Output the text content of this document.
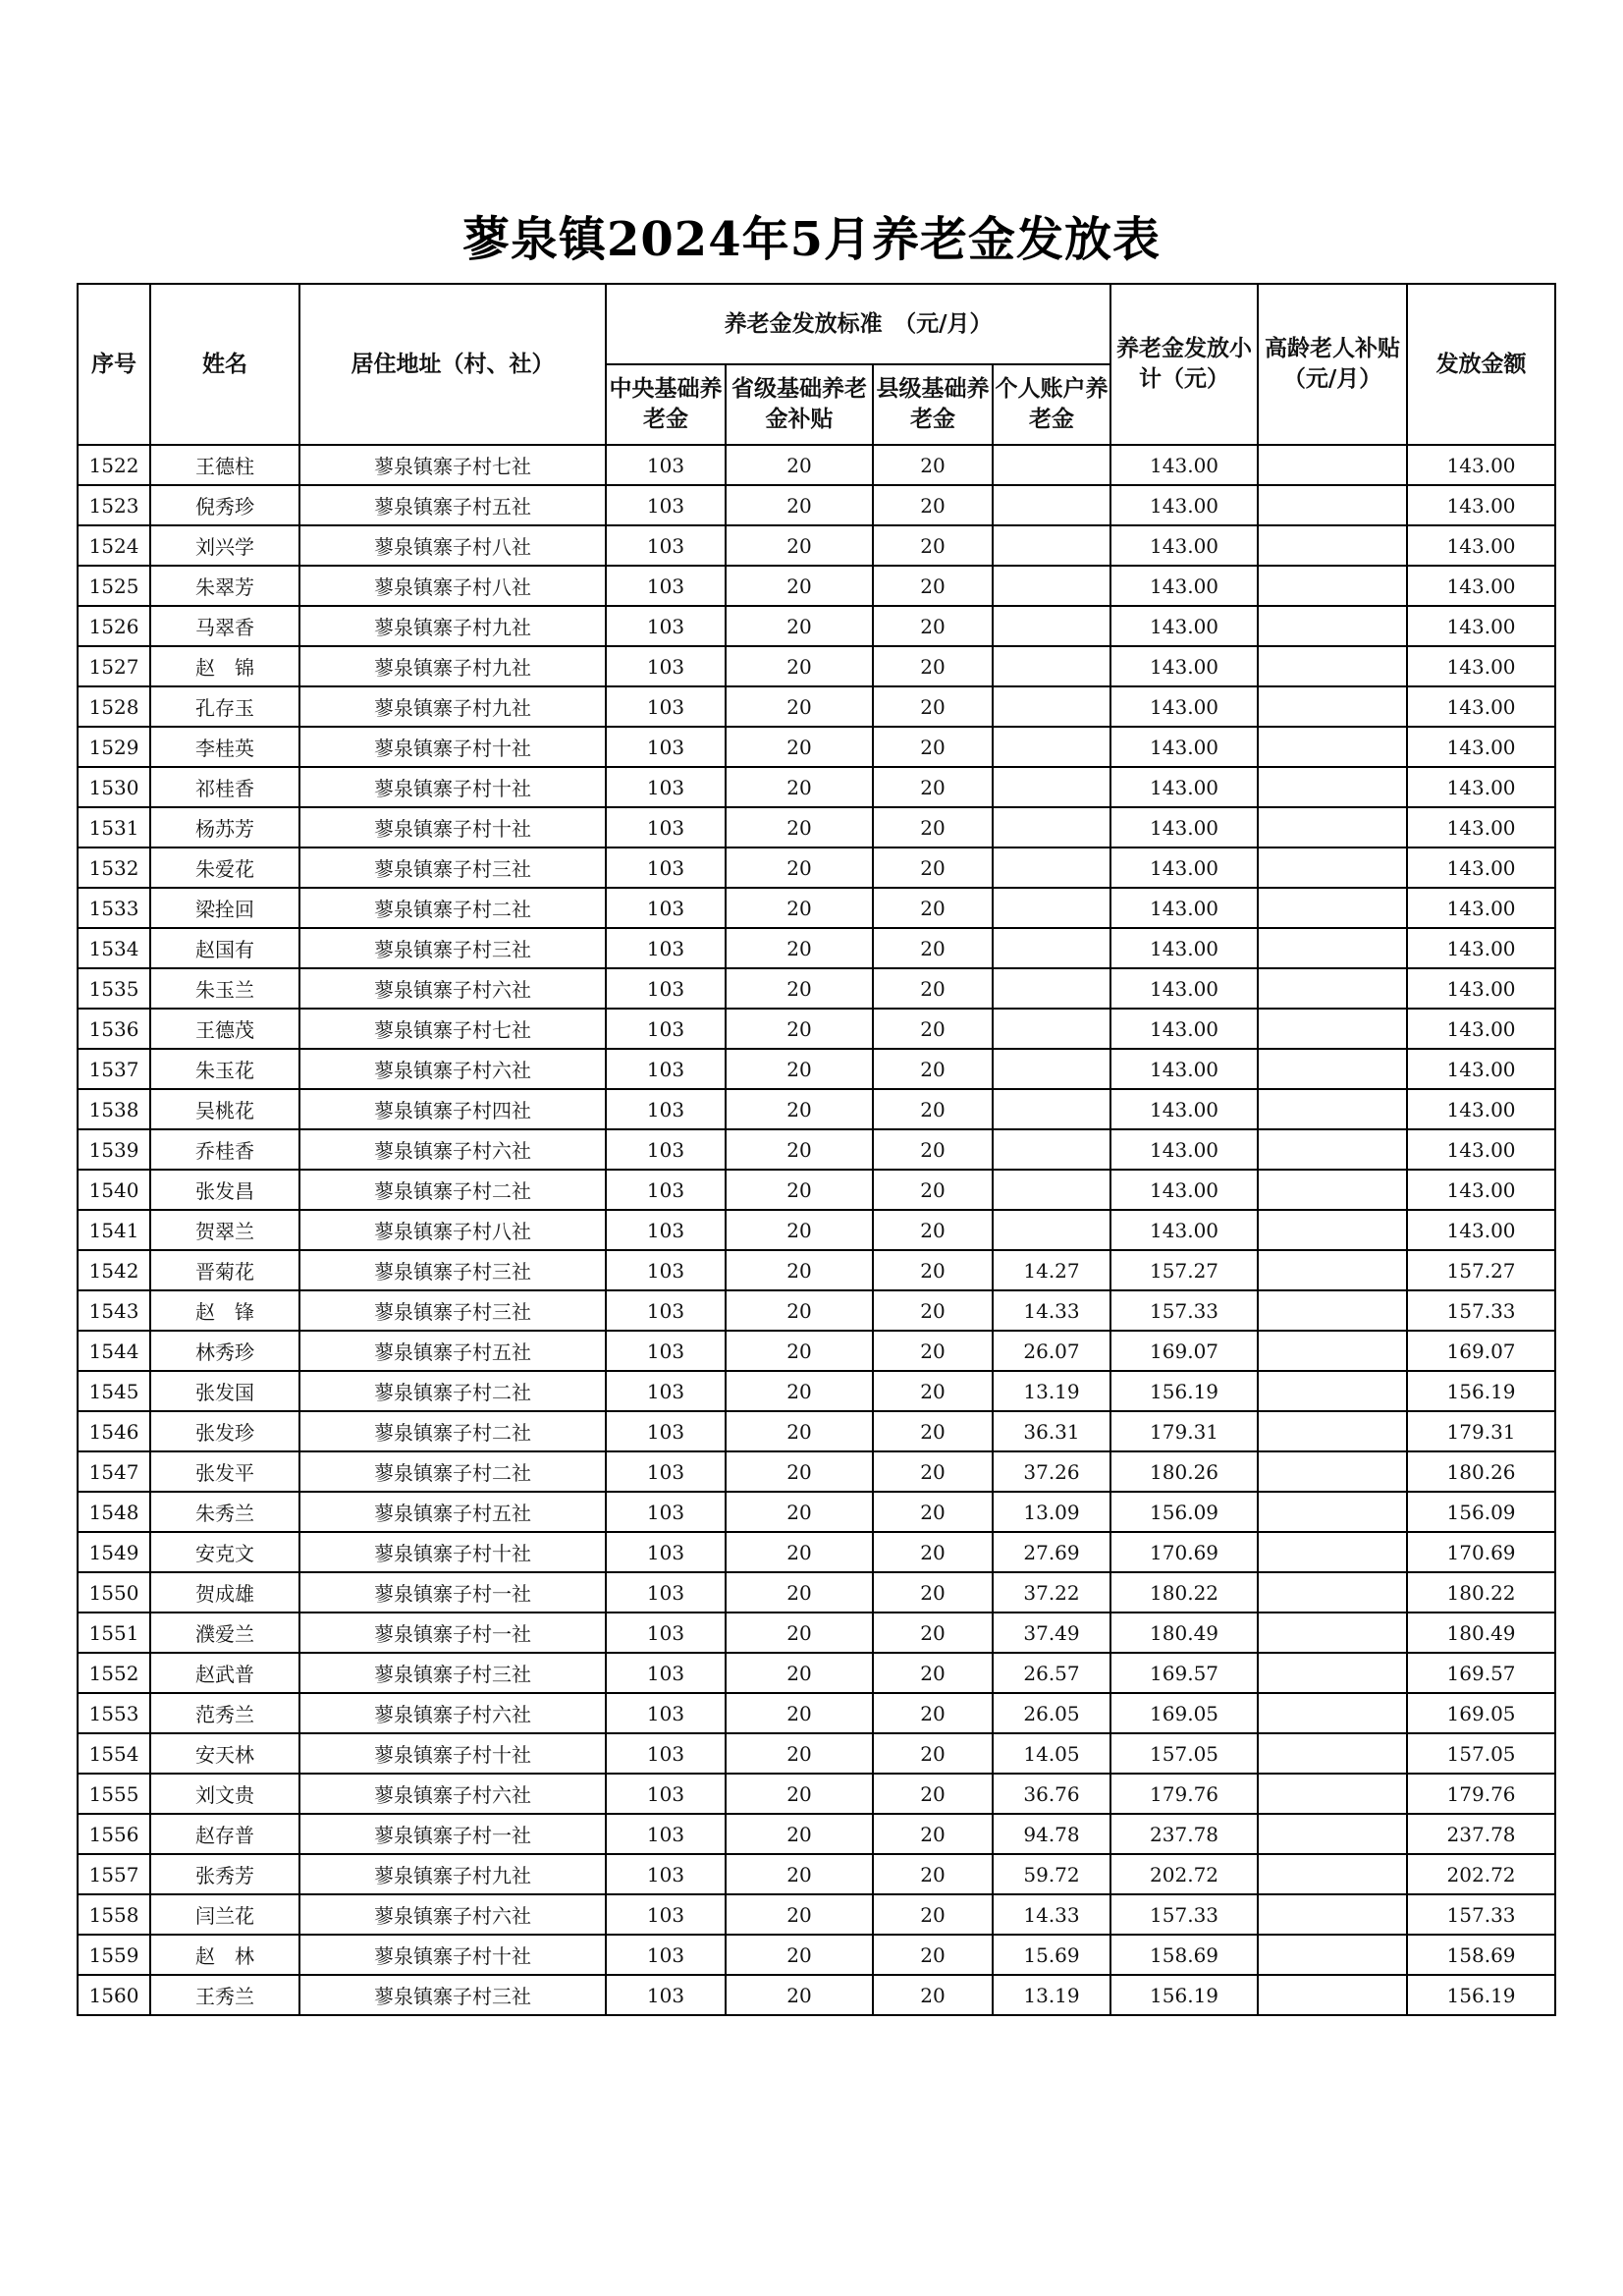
蓼泉镇2024年5月养老金发放表
序号	姓名	居住地址（村、社）	养老金发放标准　（元/月）				养老金发放小计（元）	高龄老人补贴（元/月）	发放金额
			中央基础养老金	省级基础养老金补贴	县级基础养老金	个人账户养老金			
1522	王德柱	蓼泉镇寨子村七社	103	20	20		143.00		143.00
1523	倪秀珍	蓼泉镇寨子村五社	103	20	20		143.00		143.00
1524	刘兴学	蓼泉镇寨子村八社	103	20	20		143.00		143.00
1525	朱翠芳	蓼泉镇寨子村八社	103	20	20		143.00		143.00
1526	马翠香	蓼泉镇寨子村九社	103	20	20		143.00		143.00
1527	赵　锦	蓼泉镇寨子村九社	103	20	20		143.00		143.00
1528	孔存玉	蓼泉镇寨子村九社	103	20	20		143.00		143.00
1529	李桂英	蓼泉镇寨子村十社	103	20	20		143.00		143.00
1530	祁桂香	蓼泉镇寨子村十社	103	20	20		143.00		143.00
1531	杨苏芳	蓼泉镇寨子村十社	103	20	20		143.00		143.00
1532	朱爱花	蓼泉镇寨子村三社	103	20	20		143.00		143.00
1533	梁拴回	蓼泉镇寨子村二社	103	20	20		143.00		143.00
1534	赵国有	蓼泉镇寨子村三社	103	20	20		143.00		143.00
1535	朱玉兰	蓼泉镇寨子村六社	103	20	20		143.00		143.00
1536	王德茂	蓼泉镇寨子村七社	103	20	20		143.00		143.00
1537	朱玉花	蓼泉镇寨子村六社	103	20	20		143.00		143.00
1538	吴桃花	蓼泉镇寨子村四社	103	20	20		143.00		143.00
1539	乔桂香	蓼泉镇寨子村六社	103	20	20		143.00		143.00
1540	张发昌	蓼泉镇寨子村二社	103	20	20		143.00		143.00
1541	贺翠兰	蓼泉镇寨子村八社	103	20	20		143.00		143.00
1542	晋菊花	蓼泉镇寨子村三社	103	20	20	14.27	157.27		157.27
1543	赵　锋	蓼泉镇寨子村三社	103	20	20	14.33	157.33		157.33
1544	林秀珍	蓼泉镇寨子村五社	103	20	20	26.07	169.07		169.07
1545	张发国	蓼泉镇寨子村二社	103	20	20	13.19	156.19		156.19
1546	张发珍	蓼泉镇寨子村二社	103	20	20	36.31	179.31		179.31
1547	张发平	蓼泉镇寨子村二社	103	20	20	37.26	180.26		180.26
1548	朱秀兰	蓼泉镇寨子村五社	103	20	20	13.09	156.09		156.09
1549	安克文	蓼泉镇寨子村十社	103	20	20	27.69	170.69		170.69
1550	贺成雄	蓼泉镇寨子村一社	103	20	20	37.22	180.22		180.22
1551	濮爱兰	蓼泉镇寨子村一社	103	20	20	37.49	180.49		180.49
1552	赵武普	蓼泉镇寨子村三社	103	20	20	26.57	169.57		169.57
1553	范秀兰	蓼泉镇寨子村六社	103	20	20	26.05	169.05		169.05
1554	安天林	蓼泉镇寨子村十社	103	20	20	14.05	157.05		157.05
1555	刘文贵	蓼泉镇寨子村六社	103	20	20	36.76	179.76		179.76
1556	赵存普	蓼泉镇寨子村一社	103	20	20	94.78	237.78		237.78
1557	张秀芳	蓼泉镇寨子村九社	103	20	20	59.72	202.72		202.72
1558	闫兰花	蓼泉镇寨子村六社	103	20	20	14.33	157.33		157.33
1559	赵　林	蓼泉镇寨子村十社	103	20	20	15.69	158.69		158.69
1560	王秀兰	蓼泉镇寨子村三社	103	20	20	13.19	156.19		156.19
